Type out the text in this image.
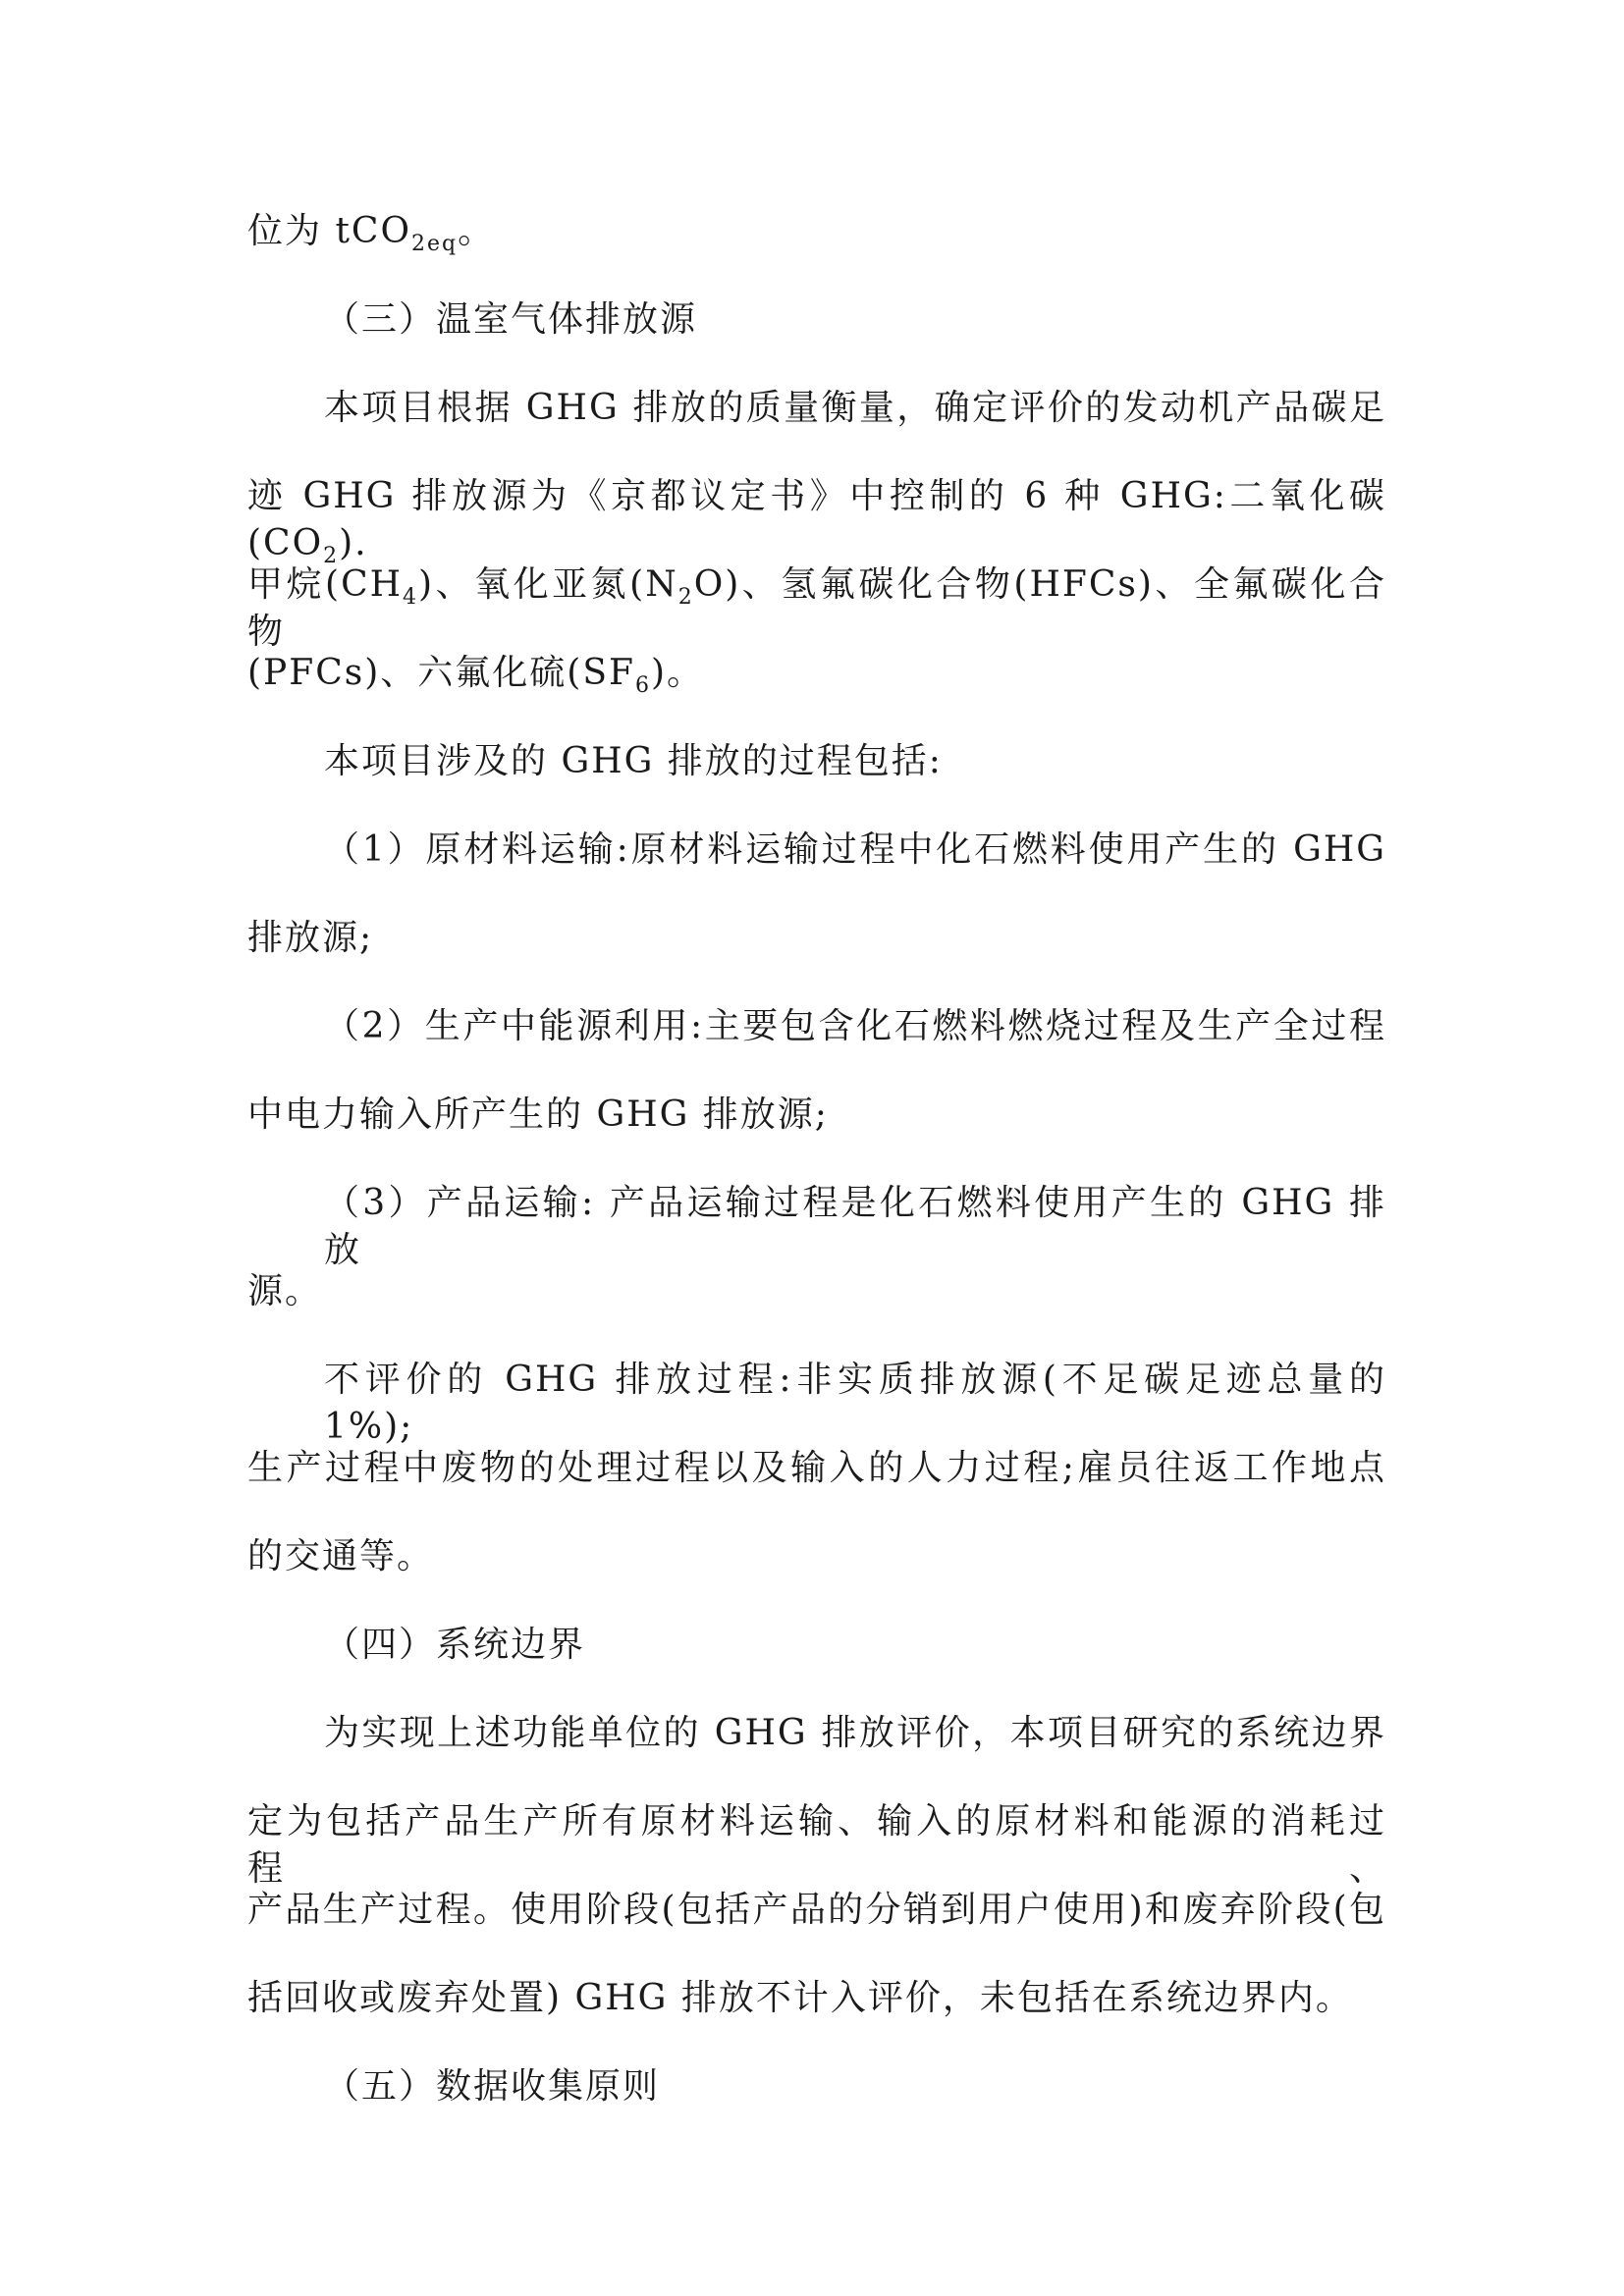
位为 tCO$_{2eq}$。
（三）温室气体排放源
本项目根据 GHG 排放的质量衡量，确定评价的发动机产品碳足
迹 GHG 排放源为《京都议定书》中控制的 6 种 GHG:二氧化碳$(CO_2)$.
甲烷$(CH_4)$、氧化亚氮$(N_2O)$、氢氟碳化合物(HFCs)、全氟碳化合物
(PFCs)、六氟化硫$(SF_6)$。
本项目涉及的 GHG 排放的过程包括:
（1）原材料运输:原材料运输过程中化石燃料使用产生的 GHG
排放源;
（2）生产中能源利用:主要包含化石燃料燃烧过程及生产全过程
中电力输入所产生的 GHG 排放源;
（3）产品运输: 产品运输过程是化石燃料使用产生的 GHG 排放
源。
不评价的 GHG 排放过程:非实质排放源(不足碳足迹总量的 1%);
生产过程中废物的处理过程以及输入的人力过程;雇员往返工作地点
的交通等。
（四）系统边界
为实现上述功能单位的 GHG 排放评价，本项目研究的系统边界
定为包括产品生产所有原材料运输、输入的原材料和能源的消耗过程、
产品生产过程。使用阶段(包括产品的分销到用户使用)和废弃阶段(包
括回收或废弃处置) GHG 排放不计入评价，未包括在系统边界内。
（五）数据收集原则
